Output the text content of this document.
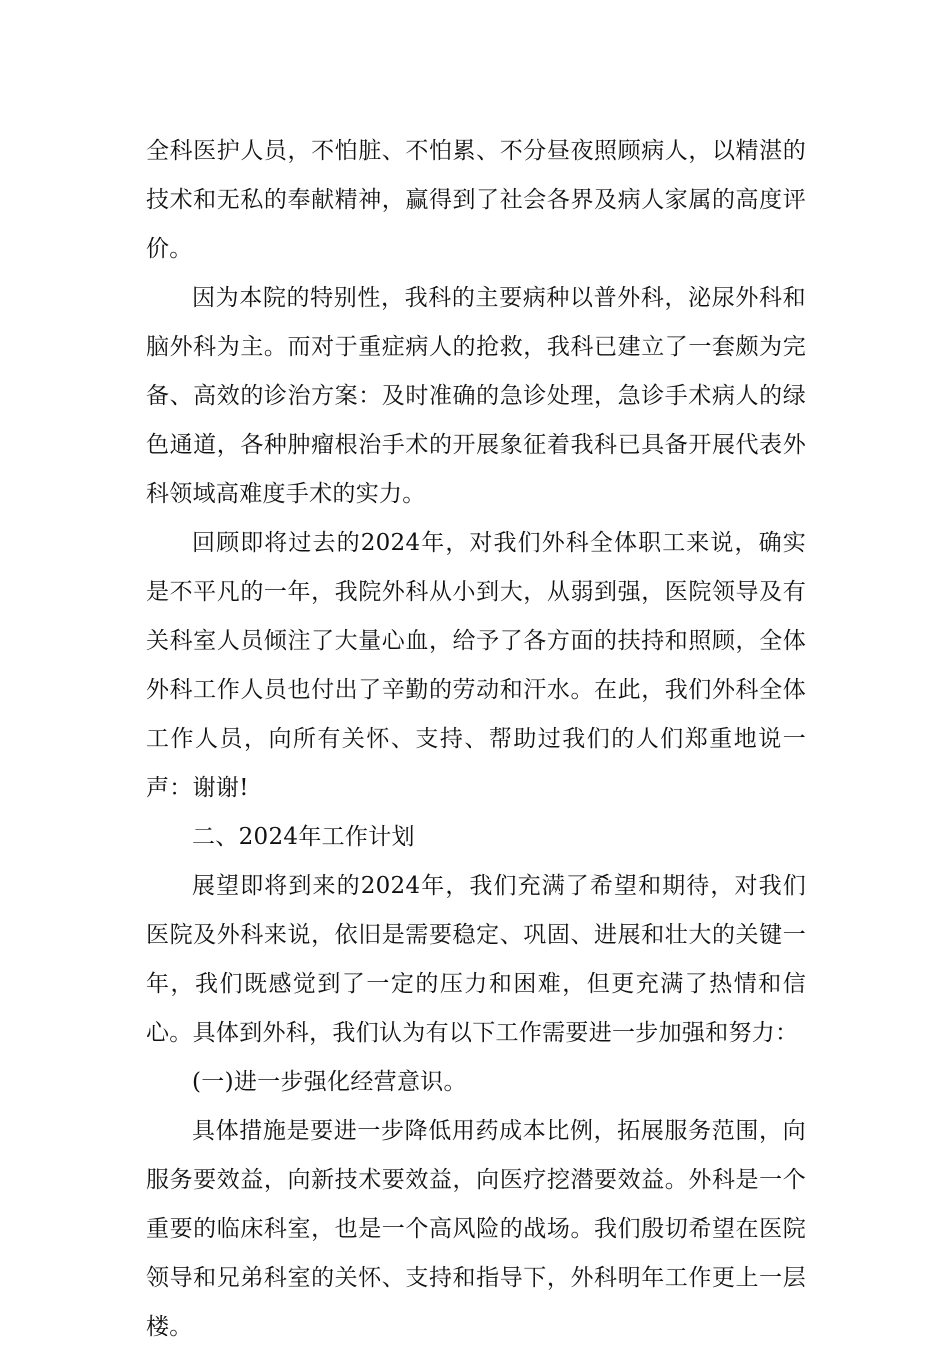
全科医护人员，不怕脏、不怕累、不分昼夜照顾病人，以精湛的技术和无私的奉献精神，赢得到了社会各界及病人家属的高度评价。

因为本院的特别性，我科的主要病种以普外科，泌尿外科和脑外科为主。而对于重症病人的抢救，我科已建立了一套颇为完备、高效的诊治方案：及时准确的急诊处理，急诊手术病人的绿色通道，各种肿瘤根治手术的开展象征着我科已具备开展代表外科领域高难度手术的实力。

回顾即将过去的2024年，对我们外科全体职工来说，确实是不平凡的一年，我院外科从小到大，从弱到强，医院领导及有关科室人员倾注了大量心血，给予了各方面的扶持和照顾，全体外科工作人员也付出了辛勤的劳动和汗水。在此，我们外科全体工作人员，向所有关怀、支持、帮助过我们的人们郑重地说一声：谢谢!

二、2024年工作计划

展望即将到来的2024年，我们充满了希望和期待，对我们医院及外科来说，依旧是需要稳定、巩固、进展和壮大的关键一年，我们既感觉到了一定的压力和困难，但更充满了热情和信心。具体到外科，我们认为有以下工作需要进一步加强和努力：

(一)进一步强化经营意识。

具体措施是要进一步降低用药成本比例，拓展服务范围，向服务要效益，向新技术要效益，向医疗挖潜要效益。外科是一个重要的临床科室，也是一个高风险的战场。我们殷切希望在医院领导和兄弟科室的关怀、支持和指导下，外科明年工作更上一层楼。
